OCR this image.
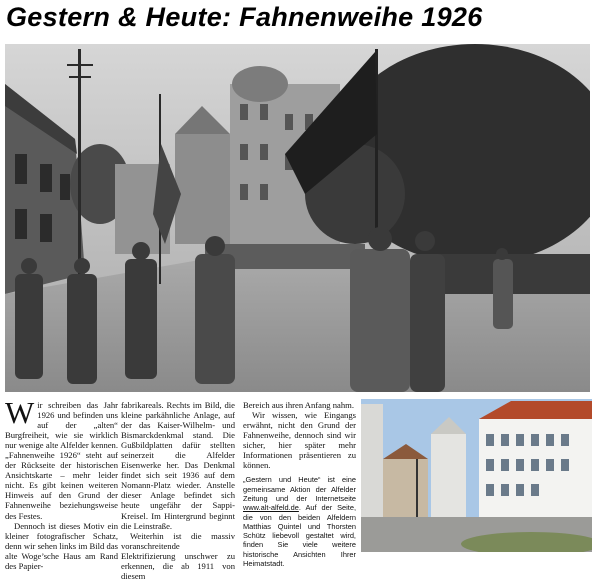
Gestern & Heute: Fahnenweihe 1926

Wir schreiben das Jahr 1926 und befinden uns auf der „alten“ Burgfreiheit, wie sie wirklich nur wenige alte Alfelder kennen. „Fahnenweihe 1926“ steht auf der Rückseite der historischen Ansichtskarte – mehr leider nicht. Es gibt keinen weiteren Hinweis auf den Grund der Fahnenweihe beziehungsweise des Festes.

Dennoch ist dieses Motiv ein kleiner fotografischer Schatz, denn wir sehen links im Bild das alte Woge’sche Haus am Rand des Papier-

fabrikareals. Rechts im Bild, die kleine parkähnliche Anlage, auf der das Kaiser-Wilhelm- und Bismarckdenkmal stand. Die Gußbildplatten dafür stellten seinerzeit die Alfelder Eisenwerke her. Das Denkmal findet sich seit 1936 auf dem Nomann-Platz wieder. Anstelle dieser Anlage befindet sich heute ungefähr der Sappi-Kreisel. Im Hintergrund beginnt die Leinstraße.

Weiterhin ist die massiv voranschreitende Elektrifizierung unschwer zu erkennen, die ab 1911 von diesem

Bereich aus ihren Anfang nahm.

Wir wissen, wie Eingangs erwähnt, nicht den Grund der Fahnenweihe, dennoch sind wir sicher, hier später mehr Informationen präsentieren zu können.

„Gestern und Heute“ ist eine gemeinsame Aktion der Alfelder Zeitung und der Internetseite www.alt-alfeld.de. Auf der Seite, die von den beiden Alfeldern Matthias Quintel und Thorsten Schütz liebevoll gestaltet wird, finden Sie viele weitere historische Ansichten Ihrer Heimatstadt.
